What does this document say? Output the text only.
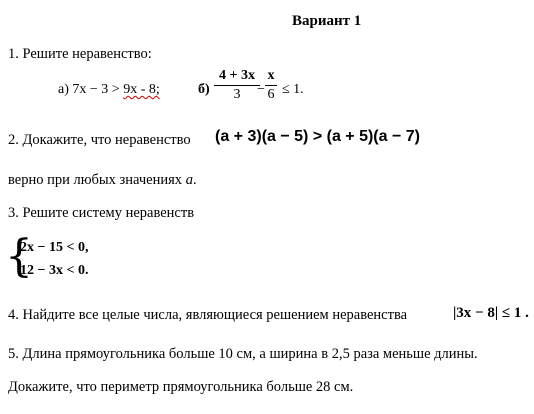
Вариант 1
1. Решите неравенство:
а) 7х − 3 > 9х - 8;	б)
4 + 3x
3	−
x
6 ≤ 1.
2. Докажите, что неравенство (a + 3)(a − 5) > (a + 5)(a − 7)
верно при любых значениях a.
3. Решите систему неравенств
{
2x − 15 < 0,
12 − 3x < 0.
4. Найдите все целые числа, являющиеся решением неравенства	|3x − 8| ≤ 1 .
5. Длина прямоугольника больше 10 см, а ширина в 2,5 раза меньше длины.
Докажите, что периметр прямоугольника больше 28 см.
